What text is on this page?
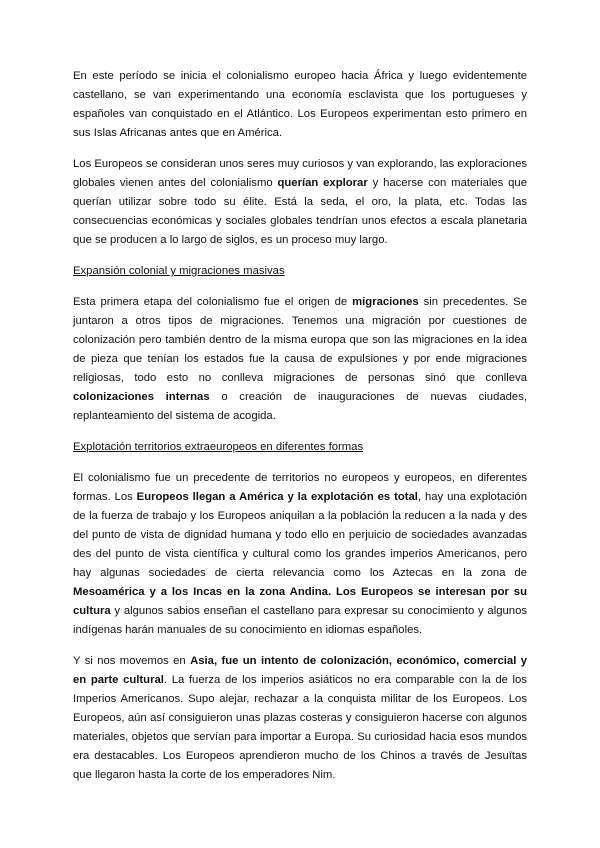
En este período se inicia el colonialismo europeo hacia África y luego evidentemente castellano, se van experimentando una economía esclavista que los portugueses y españoles van conquistado en el Atlántico. Los Europeos experimentan esto primero en sus Islas Africanas antes que en América.

Los Europeos se consideran unos seres muy curiosos y van explorando, las exploraciones globales vienen antes del colonialismo querían explorar y hacerse con materiales que querían utilizar sobre todo su élite. Está la seda, el oro, la plata, etc. Todas las consecuencias económicas y sociales globales tendrían unos efectos a escala planetaria que se producen a lo largo de siglos, es un proceso muy largo.

Expansión colonial y migraciones masivas

Esta primera etapa del colonialismo fue el origen de migraciones sin precedentes. Se juntaron a otros tipos de migraciones. Tenemos una migración por cuestiones de colonización pero también dentro de la misma europa que son las migraciones en la idea de pieza que tenían los estados fue la causa de expulsiones y por ende migraciones religiosas, todo esto no conlleva migraciones de personas sinó que conlleva colonizaciones internas o creación de inauguraciones de nuevas ciudades, replanteamiento del sistema de acogida.

Explotación territorios extraeuropeos en diferentes formas

El colonialismo fue un precedente de territorios no europeos y europeos, en diferentes formas. Los Europeos llegan a América y la explotación es total, hay una explotación de la fuerza de trabajo y los Europeos aniquilan a la población la reducen a la nada y des del punto de vista de dignidad humana y todo ello en perjuicio de sociedades avanzadas des del punto de vista científica y cultural como los grandes imperios Americanos, pero hay algunas sociedades de cierta relevancia como los Aztecas en la zona de Mesoamérica y a los Incas en la zona Andina. Los Europeos se interesan por su cultura y algunos sabios enseñan el castellano para expresar su conocimiento y algunos indígenas harán manuales de su conocimiento en idiomas españoles.

Y si nos movemos en Asia, fue un intento de colonización, económico, comercial y en parte cultural. La fuerza de los imperios asiáticos no era comparable con la de los Imperios Americanos. Supo alejar, rechazar a la conquista militar de los Europeos. Los Europeos, aún así consiguieron unas plazas costeras y consiguieron hacerse con algunos materiales, objetos que servían para importar a Europa. Su curiosidad hacia esos mundos era destacables. Los Europeos aprendieron mucho de los Chinos a través de Jesuïtas que llegaron hasta la corte de los emperadores Nim.
